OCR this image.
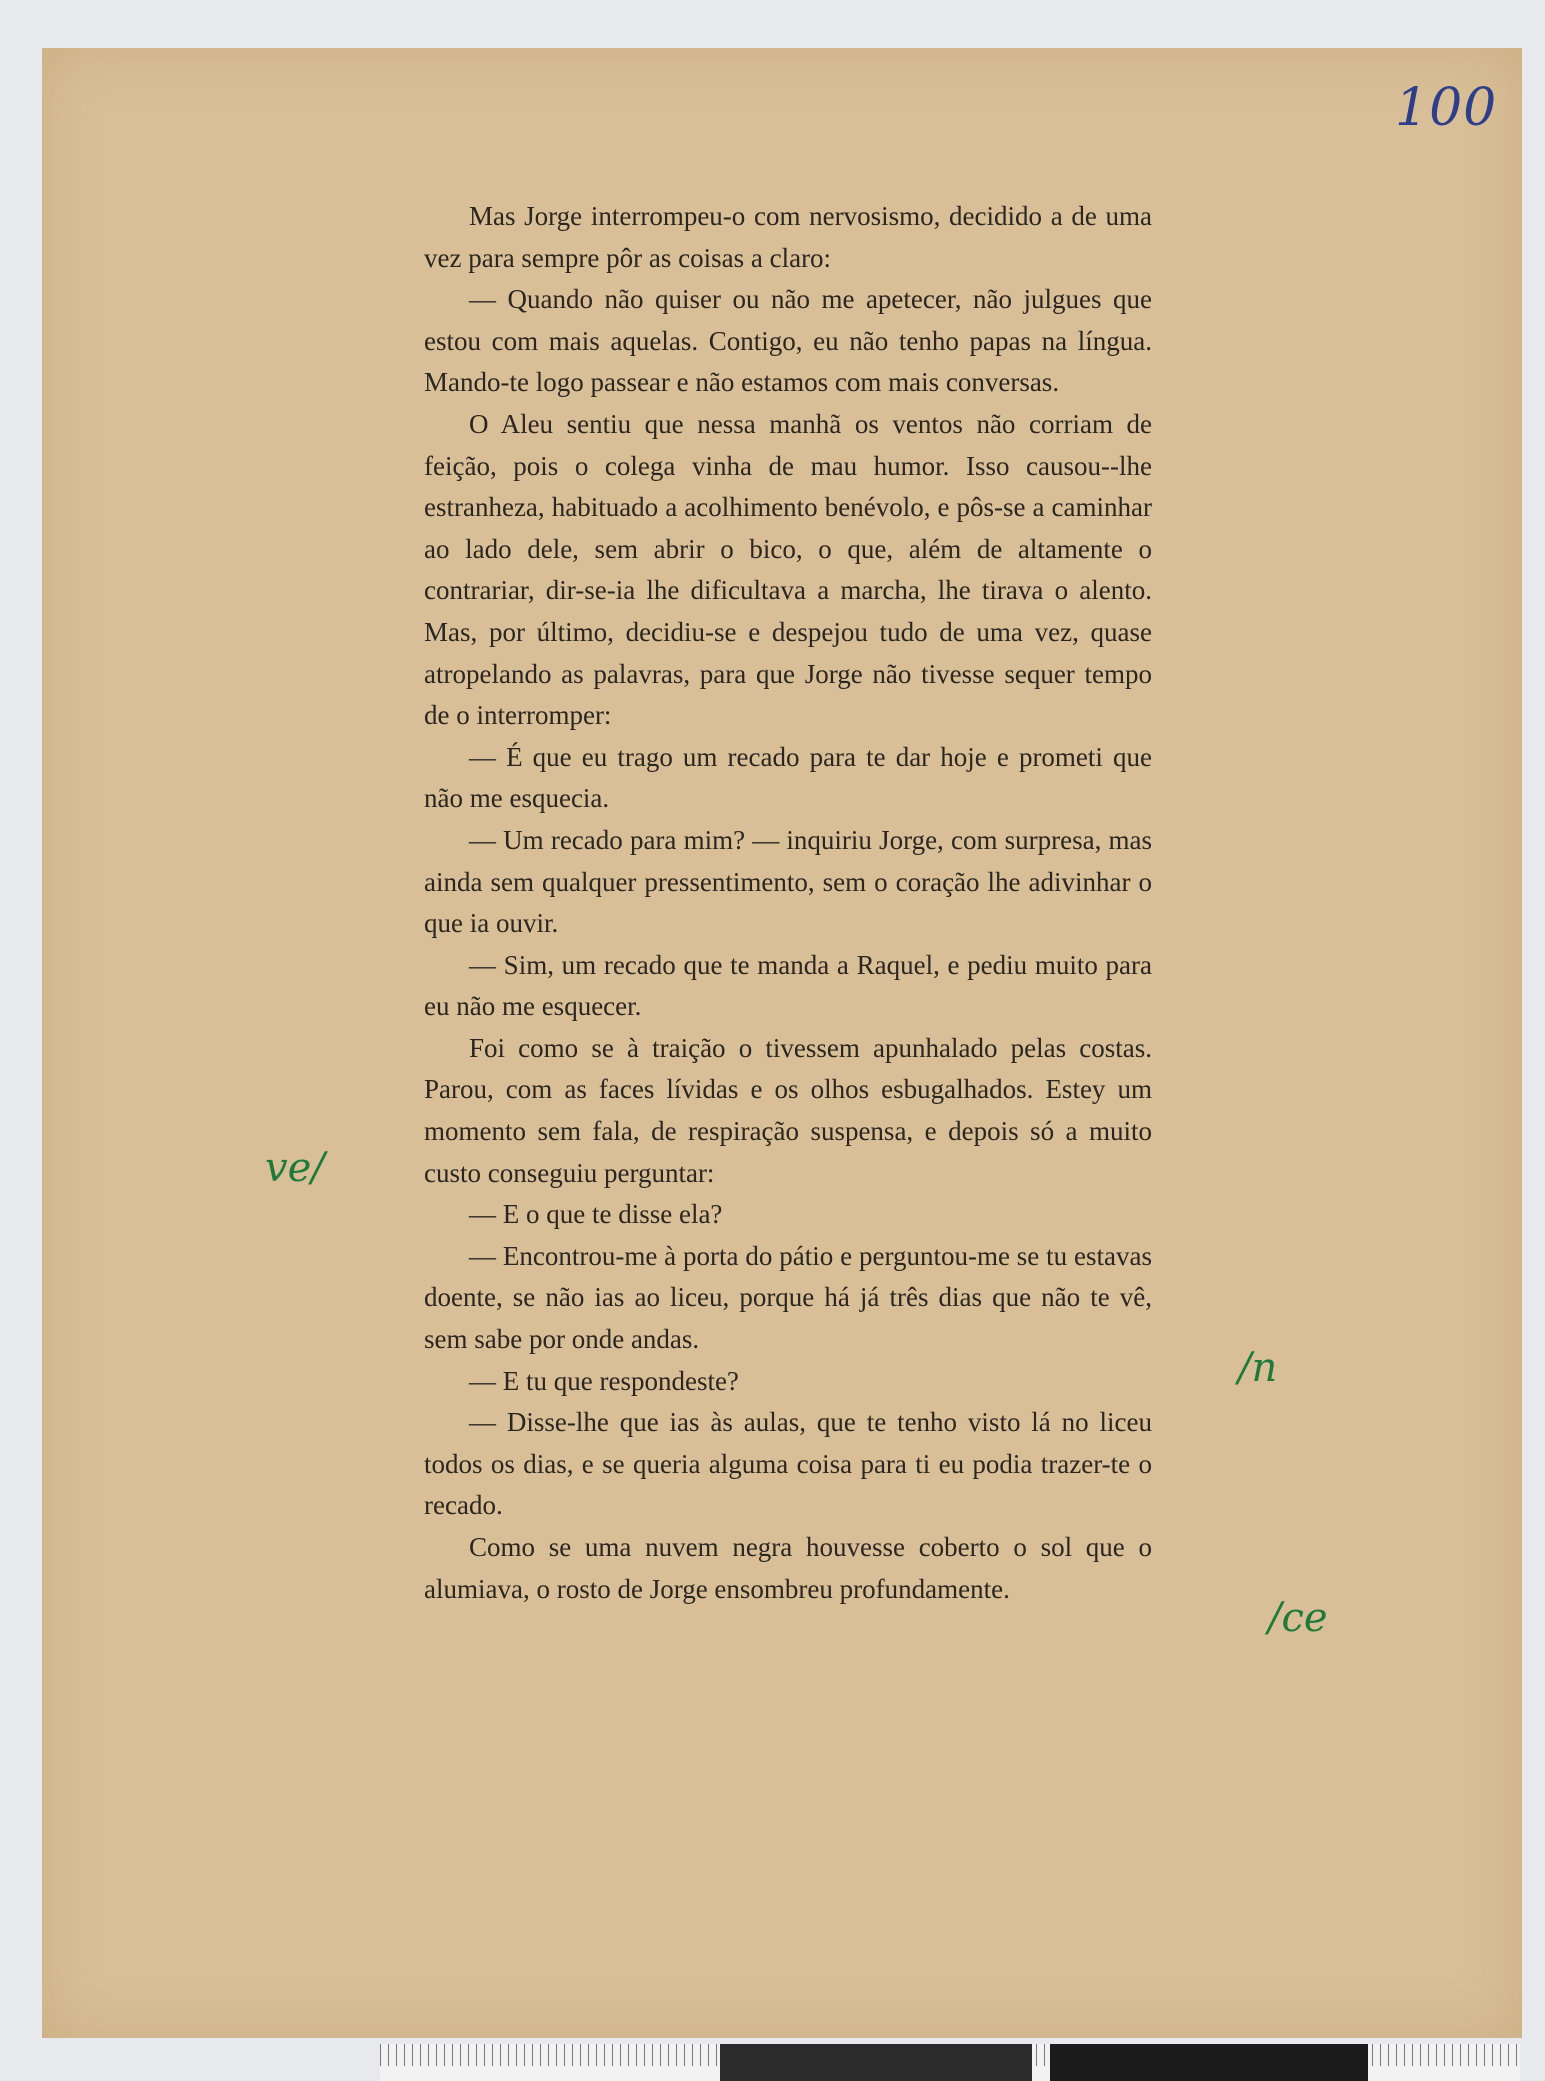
100

Mas Jorge interrompeu-o com nervosismo, decidido a de uma vez para sempre pôr as coisas a claro:

— Quando não quiser ou não me apetecer, não julgues que estou com mais aquelas. Contigo, eu não tenho papas na língua. Mando-te logo passear e não estamos com mais conversas.

O Aleu sentiu que nessa manhã os ventos não corriam de feição, pois o colega vinha de mau humor. Isso causou--lhe estranheza, habituado a acolhimento benévolo, e pôs-se a caminhar ao lado dele, sem abrir o bico, o que, além de altamente o contrariar, dir-se-ia lhe dificultava a marcha, lhe tirava o alento. Mas, por último, decidiu-se e despejou tudo de uma vez, quase atropelando as palavras, para que Jorge não tivesse sequer tempo de o interromper:

— É que eu trago um recado para te dar hoje e prometi que não me esquecia.

— Um recado para mim? — inquiriu Jorge, com surpresa, mas ainda sem qualquer pressentimento, sem o coração lhe adivinhar o que ia ouvir.

— Sim, um recado que te manda a Raquel, e pediu muito para eu não me esquecer.

Foi como se à traição o tivessem apunhalado pelas costas. Parou, com as faces lívidas e os olhos esbugalhados. Estey um momento sem fala, de respiração suspensa, e depois só a muito custo conseguiu perguntar:

— E o que te disse ela?

— Encontrou-me à porta do pátio e perguntou-me se tu estavas doente, se não ias ao liceu, porque há já três dias que não te vê, sem sabe por onde andas.

— E tu que respondeste?

— Disse-lhe que ias às aulas, que te tenho visto lá no liceu todos os dias, e se queria alguma coisa para ti eu podia trazer-te o recado.

Como se uma nuvem negra houvesse coberto o sol que o alumiava, o rosto de Jorge ensombreu profundamente.

ve/
/n
/ce
